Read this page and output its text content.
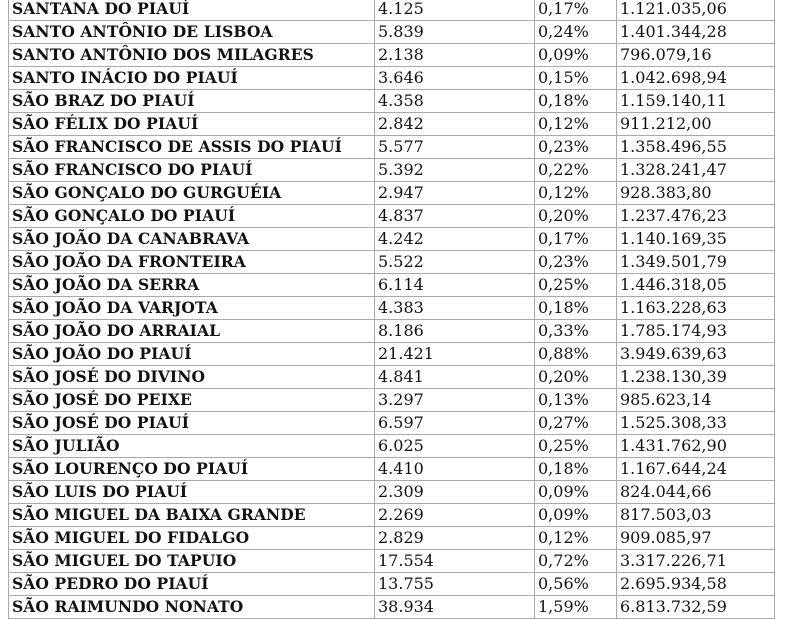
SANTANA DO PIAUÍ	4.125	0,17%	1.121.035,06
SANTO ANTÔNIO DE LISBOA	5.839	0,24%	1.401.344,28
SANTO ANTÔNIO DOS MILAGRES	2.138	0,09%	796.079,16
SANTO INÁCIO DO PIAUÍ	3.646	0,15%	1.042.698,94
SÃO BRAZ DO PIAUÍ	4.358	0,18%	1.159.140,11
SÃO FÉLIX DO PIAUÍ	2.842	0,12%	911.212,00
SÃO FRANCISCO DE ASSIS DO PIAUÍ	5.577	0,23%	1.358.496,55
SÃO FRANCISCO DO PIAUÍ	5.392	0,22%	1.328.241,47
SÃO GONÇALO DO GURGUÉIA	2.947	0,12%	928.383,80
SÃO GONÇALO DO PIAUÍ	4.837	0,20%	1.237.476,23
SÃO JOÃO DA CANABRAVA	4.242	0,17%	1.140.169,35
SÃO JOÃO DA FRONTEIRA	5.522	0,23%	1.349.501,79
SÃO JOÃO DA SERRA	6.114	0,25%	1.446.318,05
SÃO JOÃO DA VARJOTA	4.383	0,18%	1.163.228,63
SÃO JOÃO DO ARRAIAL	8.186	0,33%	1.785.174,93
SÃO JOÃO DO PIAUÍ	21.421	0,88%	3.949.639,63
SÃO JOSÉ DO DIVINO	4.841	0,20%	1.238.130,39
SÃO JOSÉ DO PEIXE	3.297	0,13%	985.623,14
SÃO JOSÉ DO PIAUÍ	6.597	0,27%	1.525.308,33
SÃO JULIÃO	6.025	0,25%	1.431.762,90
SÃO LOURENÇO DO PIAUÍ	4.410	0,18%	1.167.644,24
SÃO LUIS DO PIAUÍ	2.309	0,09%	824.044,66
SÃO MIGUEL DA BAIXA GRANDE	2.269	0,09%	817.503,03
SÃO MIGUEL DO FIDALGO	2.829	0,12%	909.085,97
SÃO MIGUEL DO TAPUIO	17.554	0,72%	3.317.226,71
SÃO PEDRO DO PIAUÍ	13.755	0,56%	2.695.934,58
SÃO RAIMUNDO NONATO	38.934	1,59%	6.813.732,59
